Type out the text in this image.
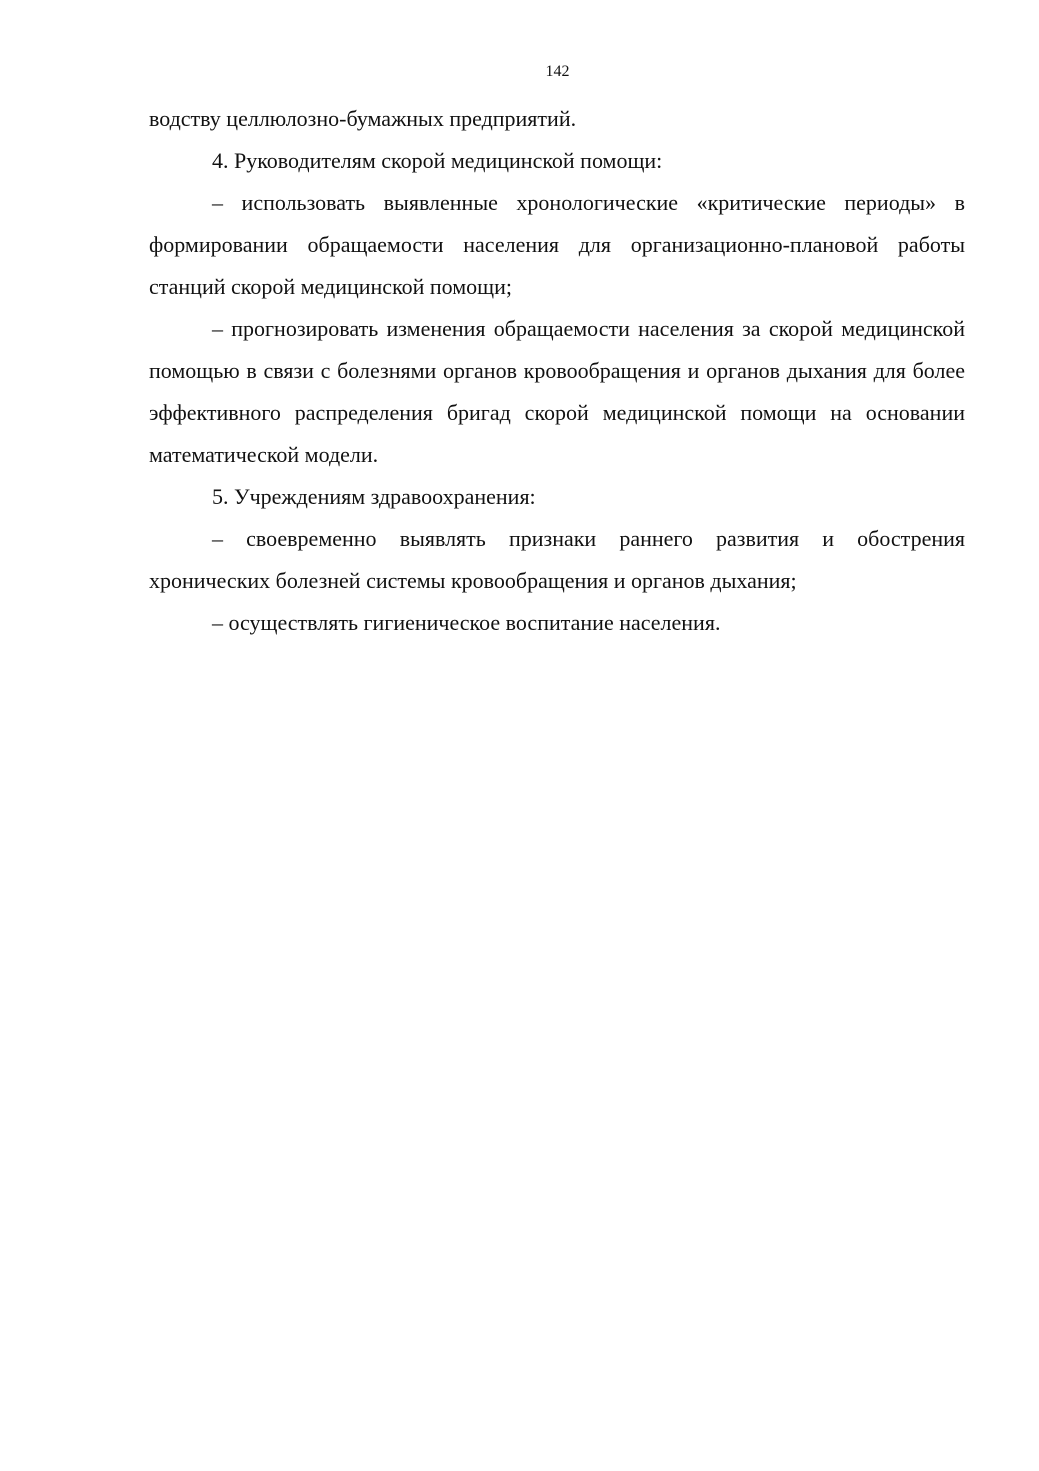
142

водству целлюлозно-бумажных предприятий.

4. Руководителям скорой медицинской помощи:

– использовать выявленные хронологические «критические периоды» в формировании обращаемости населения для организационно-плановой работы станций скорой медицинской помощи;

– прогнозировать изменения обращаемости населения за скорой медицинской помощью в связи с болезнями органов кровообращения и органов дыхания для более эффективного распределения бригад скорой медицинской помощи на основании математической модели.

5. Учреждениям здравоохранения:

– своевременно выявлять признаки раннего развития и обострения хронических болезней системы кровообращения и органов дыхания;

– осуществлять гигиеническое воспитание населения.
